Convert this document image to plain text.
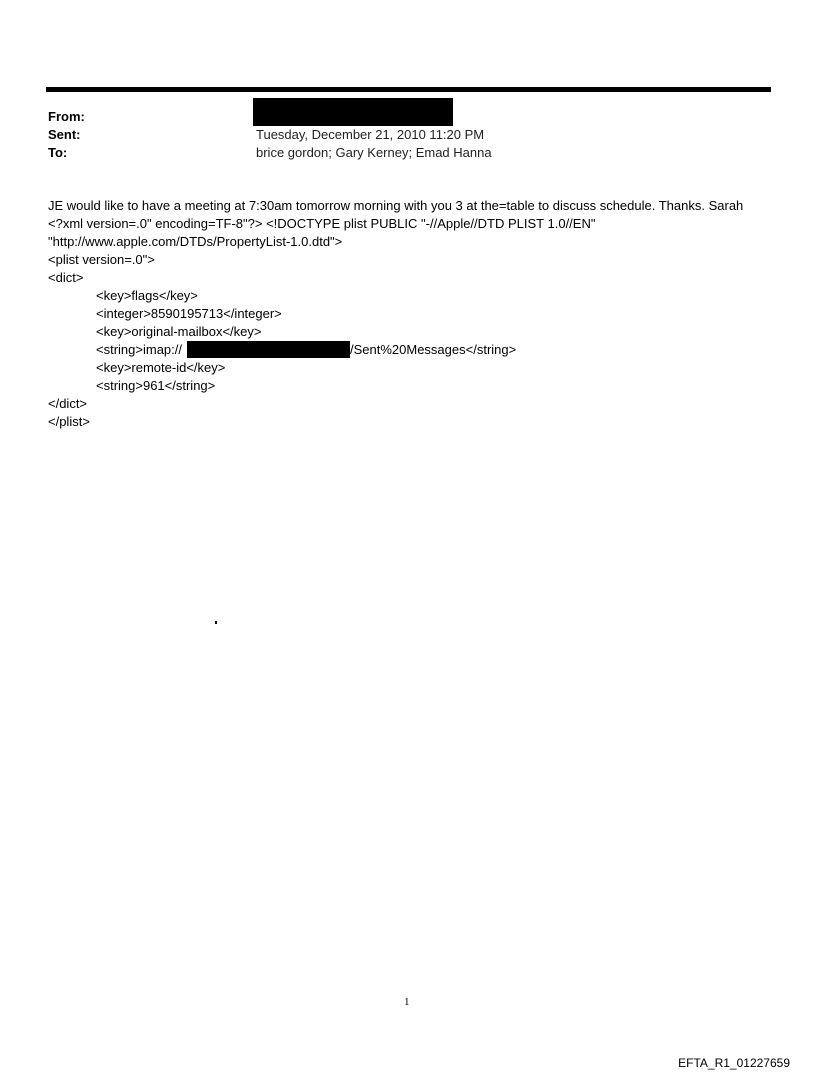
From:
Sent:	Tuesday, December 21, 2010 11:20 PM
To:	brice gordon; Gary Kerney; Emad Hanna
JE would like to have a meeting at 7:30am tomorrow morning with you 3 at the=table to discuss schedule. Thanks. Sarah
<?xml version=.0" encoding=TF-8"?> <!DOCTYPE plist PUBLIC "-//Apple//DTD PLIST 1.0//EN"
"http://www.apple.com/DTDs/PropertyList-1.0.dtd">
<plist version=.0">
<dict>
<key>flags</key>
<integer>8590195713</integer>
<key>original-mailbox</key>
<string>imap://	/Sent%20Messages</string>
<key>remote-id</key>
<string>961</string>
</dict>
</plist>
1
EFTA_R1_01227659
